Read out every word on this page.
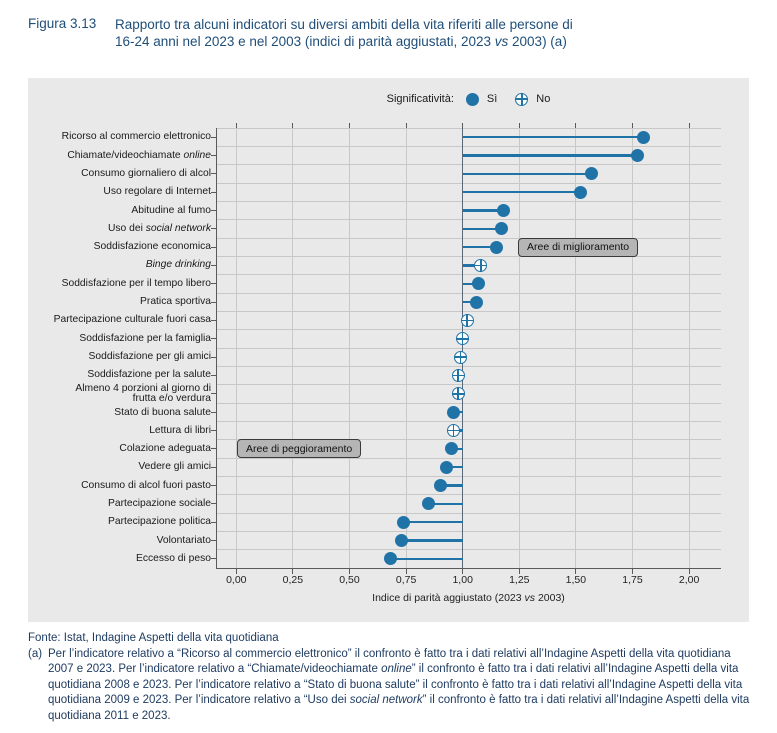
Figura 3.13	Rapporto tra alcuni indicatori su diversi ambiti della vita riferiti alle persone di
16-24 anni nel 2023 e nel 2003 (indici di parità aggiustati, 2023 vs 2003) (a)
Significatività:	Sì	No
Ricorso al commercio elettronico
Chiamate/videochiamate online
Consumo giornaliero di alcol
Uso regolare di Internet
Abitudine al fumo
Uso dei social network
Soddisfazione economica
Binge drinking
Soddisfazione per il tempo libero
Pratica sportiva
Partecipazione culturale fuori casa
Soddisfazione per la famiglia
Soddisfazione per gli amici
Soddisfazione per la salute
Almeno 4 porzioni al giorno di
frutta e/o verdura
Stato di buona salute
Lettura di libri
Colazione adeguata
Vedere gli amici
Consumo di alcol fuori pasto
Partecipazione sociale
Partecipazione politica
Volontariato
Eccesso di peso
Aree di miglioramento
Aree di peggioramento
0,00	0,25	0,50	0,75	1,00	1,25	1,50	1,75	2,00
Indice di parità aggiustato (2023 vs 2003)
Fonte: Istat, Indagine Aspetti della vita quotidiana
(a) Per l’indicatore relativo a “Ricorso al commercio elettronico” il confronto è fatto tra i dati relativi all’Indagine Aspetti della vita quotidiana 2007 e 2023. Per l’indicatore relativo a “Chiamate/videochiamate online” il confronto è fatto tra i dati relativi all’Indagine Aspetti della vita quotidiana 2008 e 2023. Per l’indicatore relativo a “Stato di buona salute” il confronto è fatto tra i dati relativi all’Indagine Aspetti della vita quotidiana 2009 e 2023. Per l’indicatore relativo a “Uso dei social network” il confronto è fatto tra i dati relativi all’Indagine Aspetti della vita quotidiana 2011 e 2023.
